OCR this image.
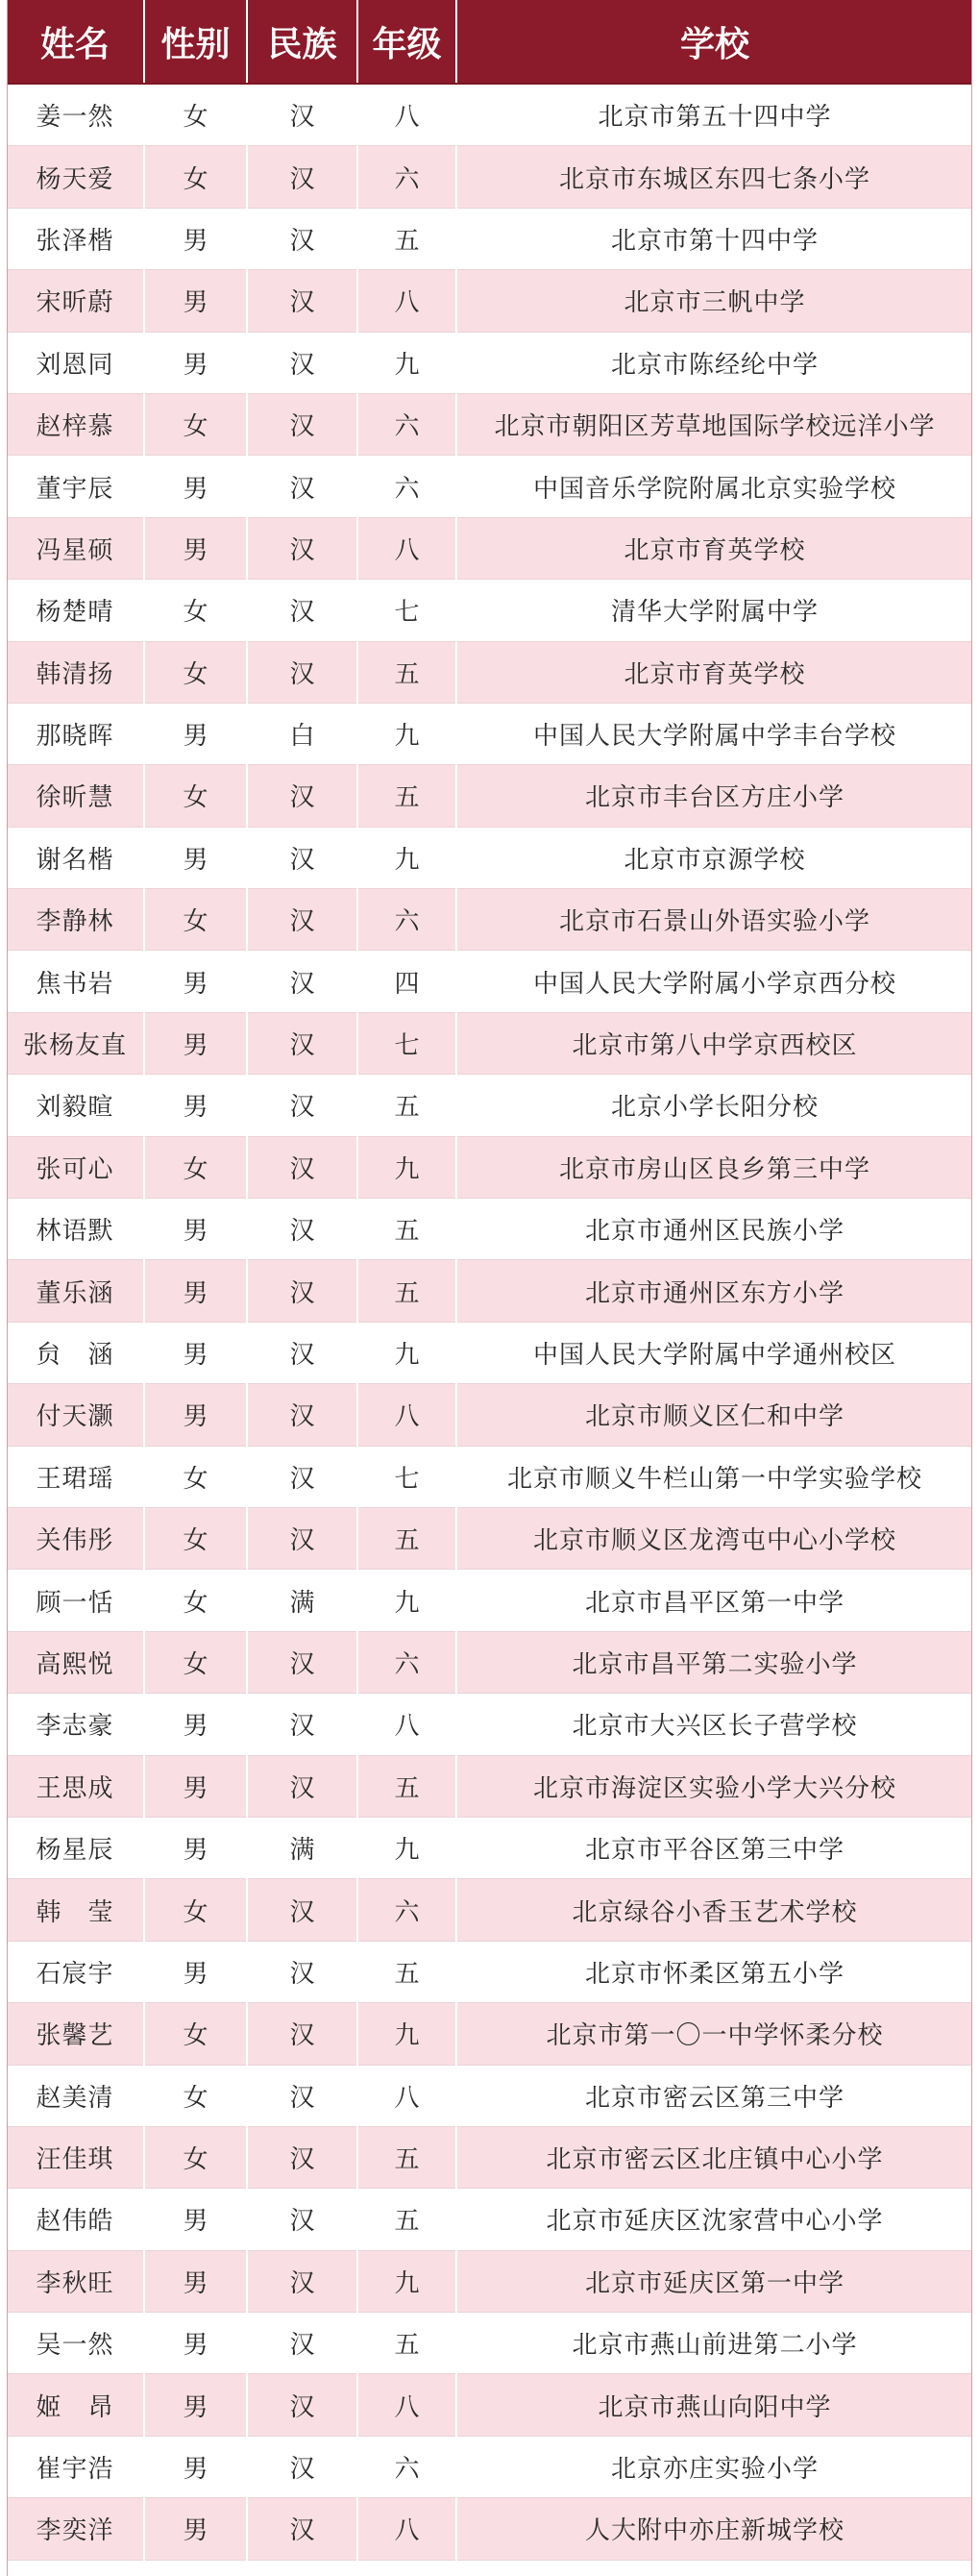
姓名	性别	民族	年级	学校
姜一然	女	汉	八	北京市第五十四中学
杨天爱	女	汉	六	北京市东城区东四七条小学
张泽楷	男	汉	五	北京市第十四中学
宋昕蔚	男	汉	八	北京市三帆中学
刘恩同	男	汉	九	北京市陈经纶中学
赵梓慕	女	汉	六	北京市朝阳区芳草地国际学校远洋小学
董宇辰	男	汉	六	中国音乐学院附属北京实验学校
冯星硕	男	汉	八	北京市育英学校
杨楚晴	女	汉	七	清华大学附属中学
韩清扬	女	汉	五	北京市育英学校
那晓晖	男	白	九	中国人民大学附属中学丰台学校
徐昕慧	女	汉	五	北京市丰台区方庄小学
谢名楷	男	汉	九	北京市京源学校
李静林	女	汉	六	北京市石景山外语实验小学
焦书岩	男	汉	四	中国人民大学附属小学京西分校
张杨友直	男	汉	七	北京市第八中学京西校区
刘毅暄	男	汉	五	北京小学长阳分校
张可心	女	汉	九	北京市房山区良乡第三中学
林语默	男	汉	五	北京市通州区民族小学
董乐涵	男	汉	五	北京市通州区东方小学
贠　涵	男	汉	九	中国人民大学附属中学通州校区
付天灏	男	汉	八	北京市顺义区仁和中学
王珺瑶	女	汉	七	北京市顺义牛栏山第一中学实验学校
关伟彤	女	汉	五	北京市顺义区龙湾屯中心小学校
顾一恬	女	满	九	北京市昌平区第一中学
高熙悦	女	汉	六	北京市昌平第二实验小学
李志豪	男	汉	八	北京市大兴区长子营学校
王思成	男	汉	五	北京市海淀区实验小学大兴分校
杨星辰	男	满	九	北京市平谷区第三中学
韩　莹	女	汉	六	北京绿谷小香玉艺术学校
石宸宇	男	汉	五	北京市怀柔区第五小学
张馨艺	女	汉	九	北京市第一〇一中学怀柔分校
赵美清	女	汉	八	北京市密云区第三中学
汪佳琪	女	汉	五	北京市密云区北庄镇中心小学
赵伟皓	男	汉	五	北京市延庆区沈家营中心小学
李秋旺	男	汉	九	北京市延庆区第一中学
吴一然	男	汉	五	北京市燕山前进第二小学
姬　昂	男	汉	八	北京市燕山向阳中学
崔宇浩	男	汉	六	北京亦庄实验小学
李奕洋	男	汉	八	人大附中亦庄新城学校
